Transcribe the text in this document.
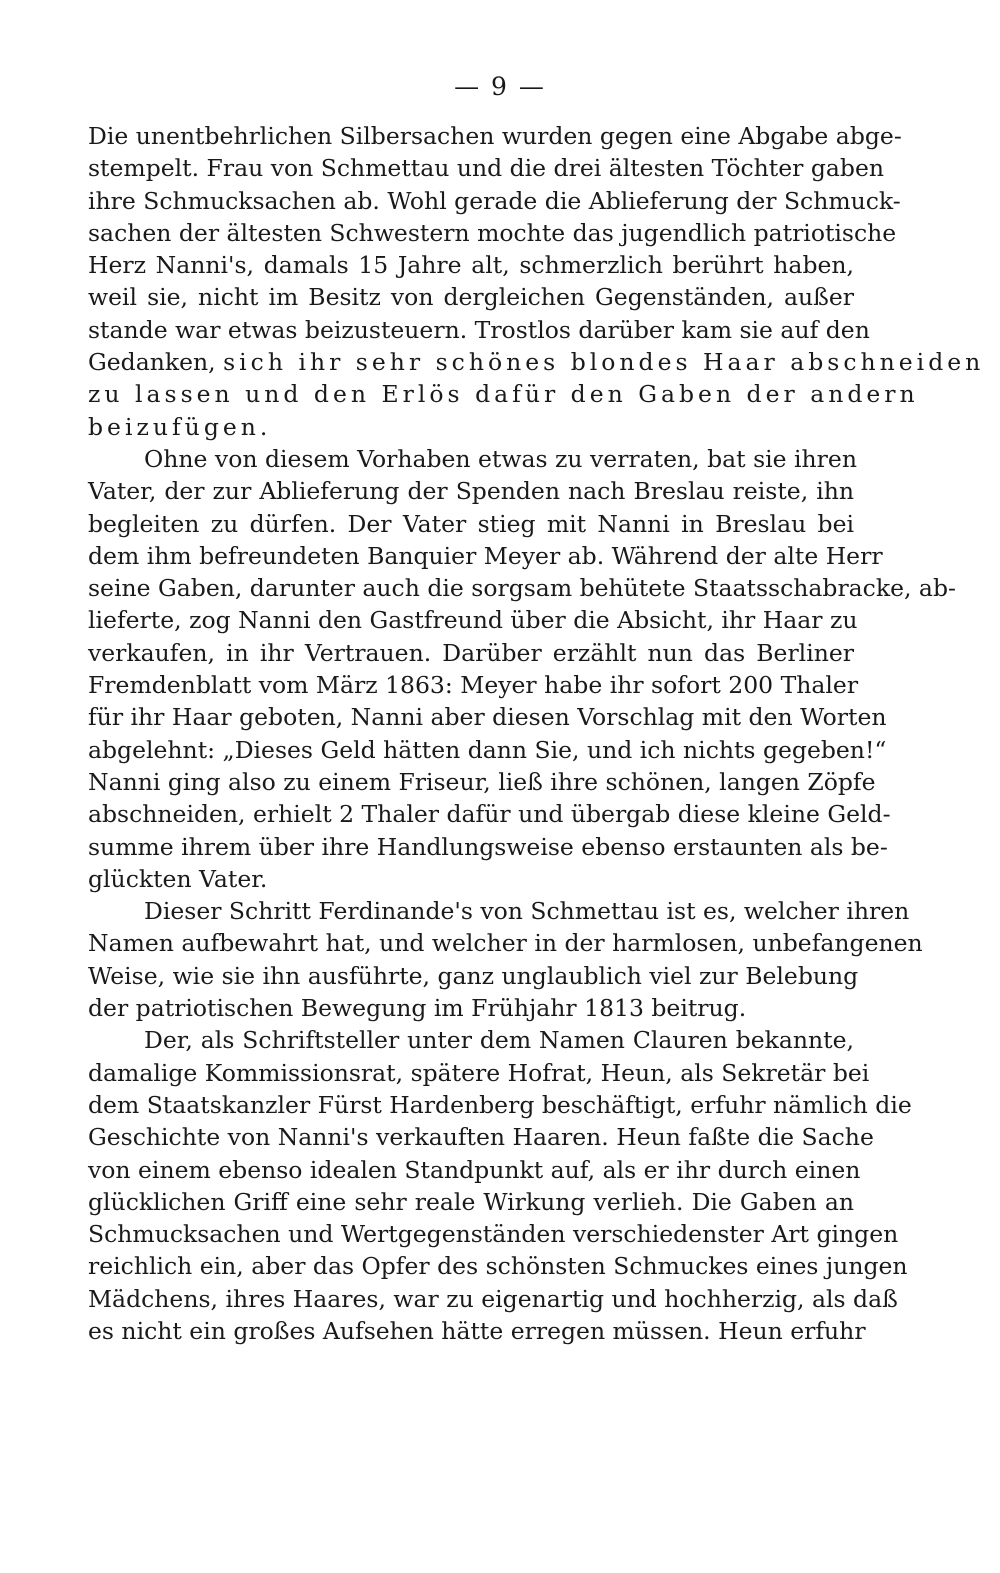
— 9 —
Die unentbehrlichen Silbersachen wurden gegen eine Abgabe abge-
stempelt. Frau von Schmettau und die drei ältesten Töchter gaben
ihre Schmucksachen ab. Wohl gerade die Ablieferung der Schmuck-
sachen der ältesten Schwestern mochte das jugendlich patriotische
Herz Nanni's, damals 15 Jahre alt, schmerzlich berührt haben,
weil sie, nicht im Besitz von dergleichen Gegenständen, außer
stande war etwas beizusteuern. Trostlos darüber kam sie auf den
Gedanken, sich ihr sehr schönes blondes Haar abschneiden
zu lassen und den Erlös dafür den Gaben der andern
beizufügen.
Ohne von diesem Vorhaben etwas zu verraten, bat sie ihren
Vater, der zur Ablieferung der Spenden nach Breslau reiste, ihn
begleiten zu dürfen. Der Vater stieg mit Nanni in Breslau bei
dem ihm befreundeten Banquier Meyer ab. Während der alte Herr
seine Gaben, darunter auch die sorgsam behütete Staatsschabracke, ab-
lieferte, zog Nanni den Gastfreund über die Absicht, ihr Haar zu
verkaufen, in ihr Vertrauen. Darüber erzählt nun das Berliner
Fremdenblatt vom März 1863: Meyer habe ihr sofort 200 Thaler
für ihr Haar geboten, Nanni aber diesen Vorschlag mit den Worten
abgelehnt: „Dieses Geld hätten dann Sie, und ich nichts gegeben!“
Nanni ging also zu einem Friseur, ließ ihre schönen, langen Zöpfe
abschneiden, erhielt 2 Thaler dafür und übergab diese kleine Geld-
summe ihrem über ihre Handlungsweise ebenso erstaunten als be-
glückten Vater.
Dieser Schritt Ferdinande's von Schmettau ist es, welcher ihren
Namen aufbewahrt hat, und welcher in der harmlosen, unbefangenen
Weise, wie sie ihn ausführte, ganz unglaublich viel zur Belebung
der patriotischen Bewegung im Frühjahr 1813 beitrug.
Der, als Schriftsteller unter dem Namen Clauren bekannte,
damalige Kommissionsrat, spätere Hofrat, Heun, als Sekretär bei
dem Staatskanzler Fürst Hardenberg beschäftigt, erfuhr nämlich die
Geschichte von Nanni's verkauften Haaren. Heun faßte die Sache
von einem ebenso idealen Standpunkt auf, als er ihr durch einen
glücklichen Griff eine sehr reale Wirkung verlieh. Die Gaben an
Schmucksachen und Wertgegenständen verschiedenster Art gingen
reichlich ein, aber das Opfer des schönsten Schmuckes eines jungen
Mädchens, ihres Haares, war zu eigenartig und hochherzig, als daß
es nicht ein großes Aufsehen hätte erregen müssen. Heun erfuhr
